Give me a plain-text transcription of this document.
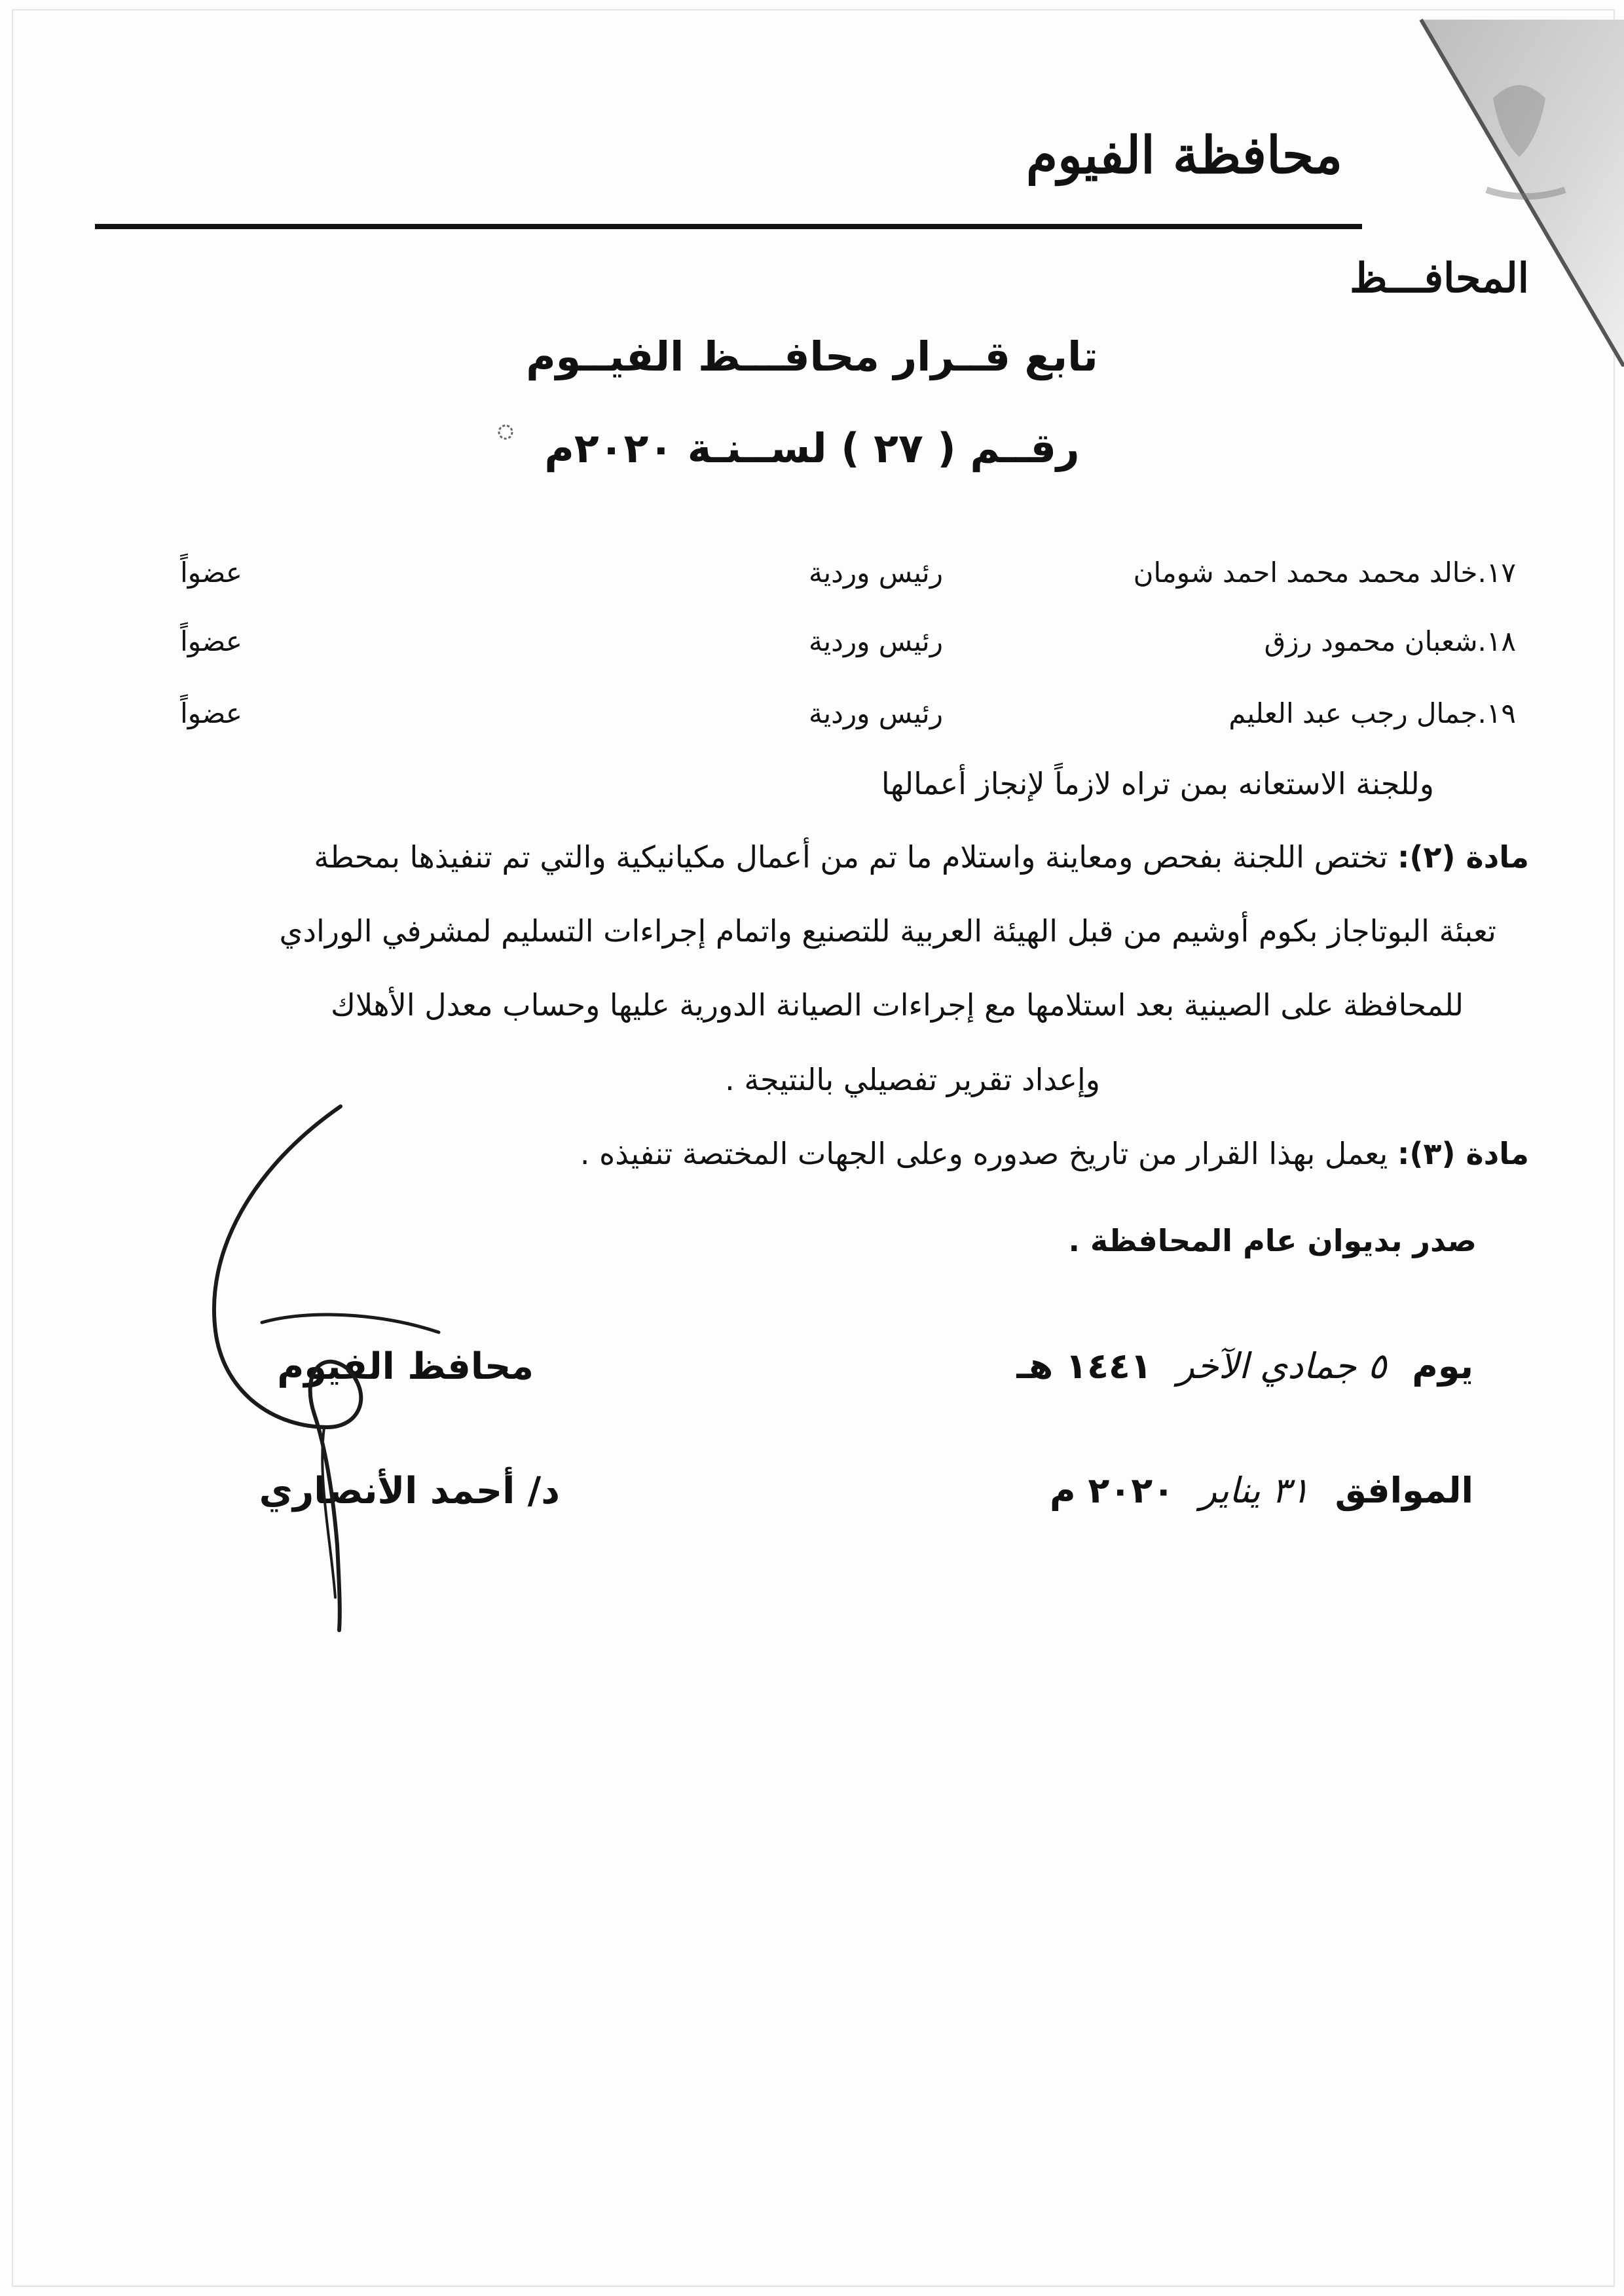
محافظة الفيوم
المحافـــظ
تابع قــرار محافـــظ الفيــوم
رقــم ( ٢٧ ) لســنـة ٢٠٢٠م
١٧.خالد محمد محمد احمد شومان
رئيس وردية
عضواً
١٨.شعبان محمود رزق
رئيس وردية
عضواً
١٩.جمال رجب عبد العليم
رئيس وردية
عضواً
وللجنة الاستعانه بمن تراه لازماً لإنجاز أعمالها
مادة (٢): تختص اللجنة بفحص ومعاينة واستلام ما تم من أعمال مكيانيكية والتي تم تنفيذها بمحطة
تعبئة البوتاجاز بكوم أوشيم من قبل الهيئة العربية للتصنيع واتمام إجراءات التسليم لمشرفي الورادي
للمحافظة على الصينية بعد استلامها مع إجراءات الصيانة الدورية عليها وحساب معدل الأهلاك
وإعداد تقرير تفصيلي بالنتيجة .
مادة (٣): يعمل بهذا القرار من تاريخ صدوره وعلى الجهات المختصة تنفيذه .
صدر بديوان عام المحافظة .
يوم ٥ جمادي الآخر ١٤٤١ هـ
الموافق ٣١ يناير ٢٠٢٠ م
محافظ الفيوم
د/ أحمد الأنصاري
